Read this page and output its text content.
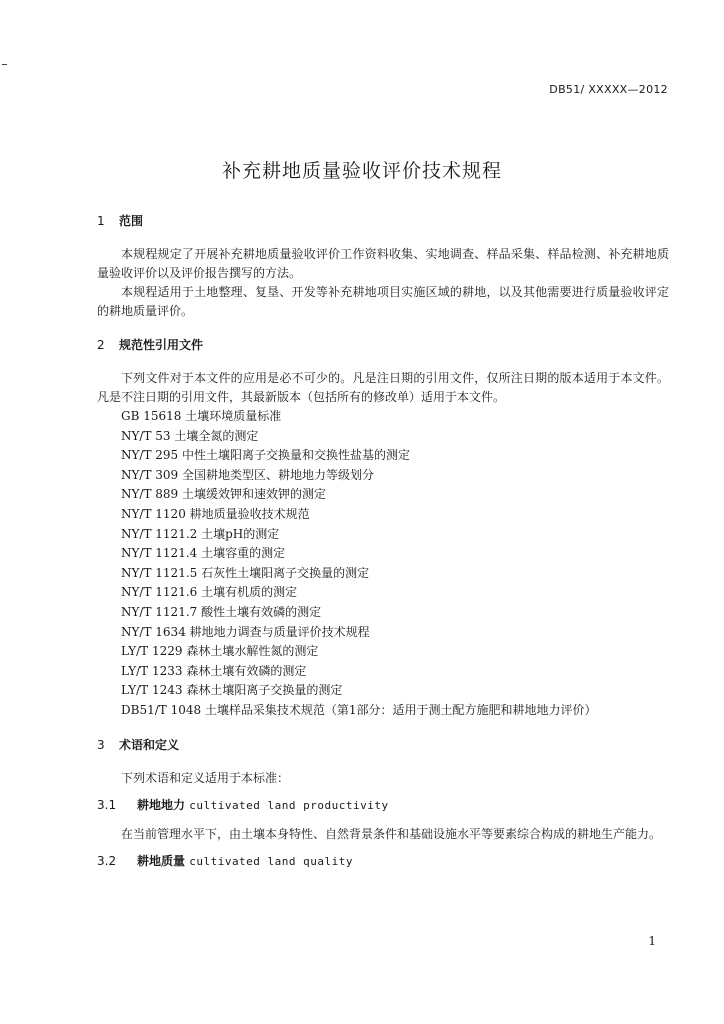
DB51/ XXXXX—2012
补充耕地质量验收评价技术规程
1 范围

本规程规定了开展补充耕地质量验收评价工作资料收集、实地调查、样品采集、样品检测、补充耕地质量验收评价以及评价报告撰写的方法。

本规程适用于土地整理、复垦、开发等补充耕地项目实施区域的耕地，以及其他需要进行质量验收评定的耕地质量评价。

2 规范性引用文件

下列文件对于本文件的应用是必不可少的。凡是注日期的引用文件，仅所注日期的版本适用于本文件。凡是不注日期的引用文件，其最新版本（包括所有的修改单）适用于本文件。

GB 15618 土壤环境质量标准
NY/T 53 土壤全氮的测定
NY/T 295 中性土壤阳离子交换量和交换性盐基的测定
NY/T 309 全国耕地类型区、耕地地力等级划分
NY/T 889 土壤缓效钾和速效钾的测定
NY/T 1120 耕地质量验收技术规范
NY/T 1121.2 土壤pH的测定
NY/T 1121.4 土壤容重的测定
NY/T 1121.5 石灰性土壤阳离子交换量的测定
NY/T 1121.6 土壤有机质的测定
NY/T 1121.7 酸性土壤有效磷的测定
NY/T 1634 耕地地力调查与质量评价技术规程
LY/T 1229 森林土壤水解性氮的测定
LY/T 1233 森林土壤有效磷的测定
LY/T 1243 森林土壤阳离子交换量的测定
DB51/T 1048 土壤样品采集技术规范（第1部分：适用于测土配方施肥和耕地地力评价）
3 术语和定义

下列术语和定义适用于本标准：

3.1 耕地地力 cultivated land productivity

在当前管理水平下，由土壤本身特性、自然背景条件和基础设施水平等要素综合构成的耕地生产能力。

3.2 耕地质量 cultivated land quality
1
